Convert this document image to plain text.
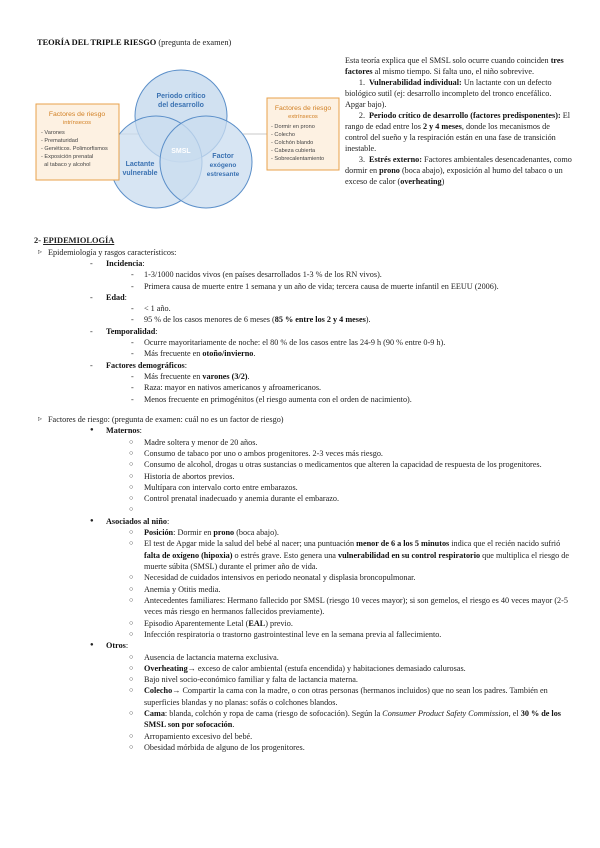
TEORÍA DEL TRIPLE RIESGO (pregunta de examen)
Periodo crítico
del desarrollo
Lactante
vulnerable
Factor
exógeno
estresante
SMSL
Factores de riesgo
intrínsecos
- Varones
- Prematuridad
- Genéticos. Polimorfismos
- Exposición prenatal
al tabaco y alcohol
Factores de riesgo
extrínsecos
- Dormir en prono
- Colecho
- Colchón blando
- Cabeza cubierta
- Sobrecalentamiento

Esta teoría explica que el SMSL solo ocurre cuando coinciden tres factores al mismo tiempo. Si falta uno, el niño sobrevive.

1. Vulnerabilidad individual: Un lactante con un defecto biológico sutil (ej: desarrollo incompleto del tronco encefálico. Apgar bajo).

2. Periodo crítico de desarrollo (factores predisponentes): El rango de edad entre los 2 y 4 meses, donde los mecanismos de control del sueño y la respiración están en una fase de transición inestable.

3. Estrés externo: Factores ambientales desencadenantes, como dormir en prono (boca abajo), exposición al humo del tabaco o un exceso de calor (overheating)

2- EPIDEMIOLOGÍA
▹ Epidemiología y rasgos característicos:
- Incidencia:
- 1-3/1000 nacidos vivos (en países desarrollados 1-3 % de los RN vivos).
- Primera causa de muerte entre 1 semana y un año de vida; tercera causa de muerte infantil en EEUU (2006).
- Edad:
- < 1 año.
- 95 % de los casos menores de 6 meses (85 % entre los 2 y 4 meses).
- Temporalidad:
- Ocurre mayoritariamente de noche: el 80 % de los casos entre las 24-9 h (90 % entre 0-9 h).
- Más frecuente en otoño/invierno.
- Factores demográficos:
- Más frecuente en varones (3/2).
- Raza: mayor en nativos americanos y afroamericanos.
- Menos frecuente en primogénitos (el riesgo aumenta con el orden de nacimiento).
▹ Factores de riesgo: (pregunta de examen: cuál no es un factor de riesgo)
● Maternos:
○ Madre soltera y menor de 20 años.
○ Consumo de tabaco por uno o ambos progenitores. 2-3 veces más riesgo.
○ Consumo de alcohol, drogas u otras sustancias o medicamentos que alteren la capacidad de respuesta de los progenitores.
○ Historia de abortos previos.
○ Multípara con intervalo corto entre embarazos.
○ Control prenatal inadecuado y anemia durante el embarazo.
○
● Asociados al niño:
○ Posición: Dormir en prono (boca abajo).
○ El test de Apgar mide la salud del bebé al nacer; una puntuación menor de 6 a los 5 minutos indica que el recién nacido sufrió falta de oxígeno (hipoxia) o estrés grave. Esto genera una vulnerabilidad en su control respiratorio que multiplica el riesgo de muerte súbita (SMSL) durante el primer año de vida.
○ Necesidad de cuidados intensivos en periodo neonatal y displasia broncopulmonar.
○ Anemia y Otitis media.
○ Antecedentes familiares: Hermano fallecido por SMSL (riesgo 10 veces mayor); si son gemelos, el riesgo es 40 veces mayor (2-5 veces más riesgo en hermanos fallecidos previamente).
○ Episodio Aparentemente Letal (EAL) previo.
○ Infección respiratoria o trastorno gastrointestinal leve en la semana previa al fallecimiento.
● Otros:
○ Ausencia de lactancia materna exclusiva.
○ Overheating→ exceso de calor ambiental (estufa encendida) y habitaciones demasiado calurosas.
○ Bajo nivel socio-económico familiar y falta de lactancia materna.
○ Colecho→ Compartir la cama con la madre, o con otras personas (hermanos incluidos) que no sean los padres. También en superficies blandas y no planas: sofás o colchones blandos.
○ Cama: blanda, colchón y ropa de cama (riesgo de sofocación). Según la Consumer Product Safety Commission, el 30 % de los SMSL son por sofocación.
○ Arropamiento excesivo del bebé.
○ Obesidad mórbida de alguno de los progenitores.
